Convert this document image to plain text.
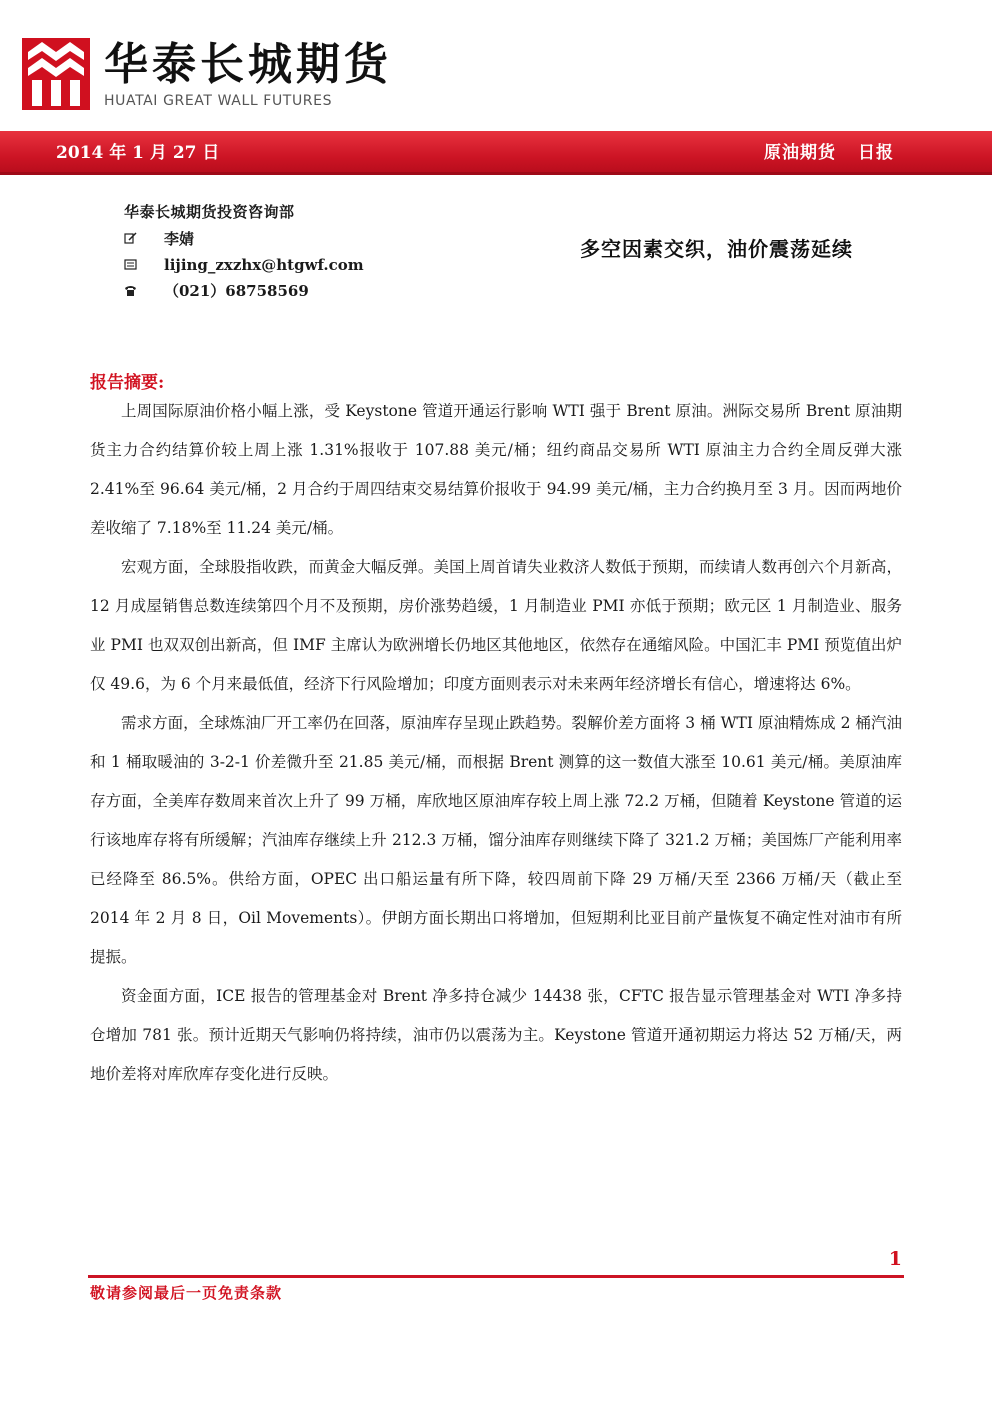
华泰长城期货
HUATAI GREAT WALL FUTURES
2014 年 1 月 27 日	原油期货 日报
华泰长城期货投资咨询部
李婧
lijing_zxzhx@htgwf.com
（021）68758569
多空因素交织，油价震荡延续
报告摘要:

上周国际原油价格小幅上涨，受 Keystone 管道开通运行影响 WTI 强于 Brent 原油。洲际交易所 Brent 原油期货主力合约结算价较上周上涨 1.31%报收于 107.88 美元/桶；纽约商品交易所 WTI 原油主力合约全周反弹大涨 2.41%至 96.64 美元/桶，2 月合约于周四结束交易结算价报收于 94.99 美元/桶，主力合约换月至 3 月。因而两地价差收缩了 7.18%至 11.24 美元/桶。

宏观方面，全球股指收跌，而黄金大幅反弹。美国上周首请失业救济人数低于预期，而续请人数再创六个月新高，12 月成屋销售总数连续第四个月不及预期，房价涨势趋缓，1 月制造业 PMI 亦低于预期；欧元区 1 月制造业、服务业 PMI 也双双创出新高，但 IMF 主席认为欧洲增长仍地区其他地区，依然存在通缩风险。中国汇丰 PMI 预览值出炉仅 49.6，为 6 个月来最低值，经济下行风险增加；印度方面则表示对未来两年经济增长有信心，增速将达 6%。

需求方面，全球炼油厂开工率仍在回落，原油库存呈现止跌趋势。裂解价差方面将 3 桶 WTI 原油精炼成 2 桶汽油和 1 桶取暖油的 3-2-1 价差微升至 21.85 美元/桶，而根据 Brent 测算的这一数值大涨至 10.61 美元/桶。美原油库存方面，全美库存数周来首次上升了 99 万桶，库欣地区原油库存较上周上涨 72.2 万桶，但随着 Keystone 管道的运行该地库存将有所缓解；汽油库存继续上升 212.3 万桶，馏分油库存则继续下降了 321.2 万桶；美国炼厂产能利用率已经降至 86.5%。供给方面，OPEC 出口船运量有所下降，较四周前下降 29 万桶/天至 2366 万桶/天（截止至 2014 年 2 月 8 日，Oil Movements）。伊朗方面长期出口将增加，但短期利比亚目前产量恢复不确定性对油市有所提振。

资金面方面，ICE 报告的管理基金对 Brent 净多持仓减少 14438 张，CFTC 报告显示管理基金对 WTI 净多持仓增加 781 张。预计近期天气影响仍将持续，油市仍以震荡为主。Keystone 管道开通初期运力将达 52 万桶/天，两地价差将对库欣库存变化进行反映。

1
敬请参阅最后一页免责条款
